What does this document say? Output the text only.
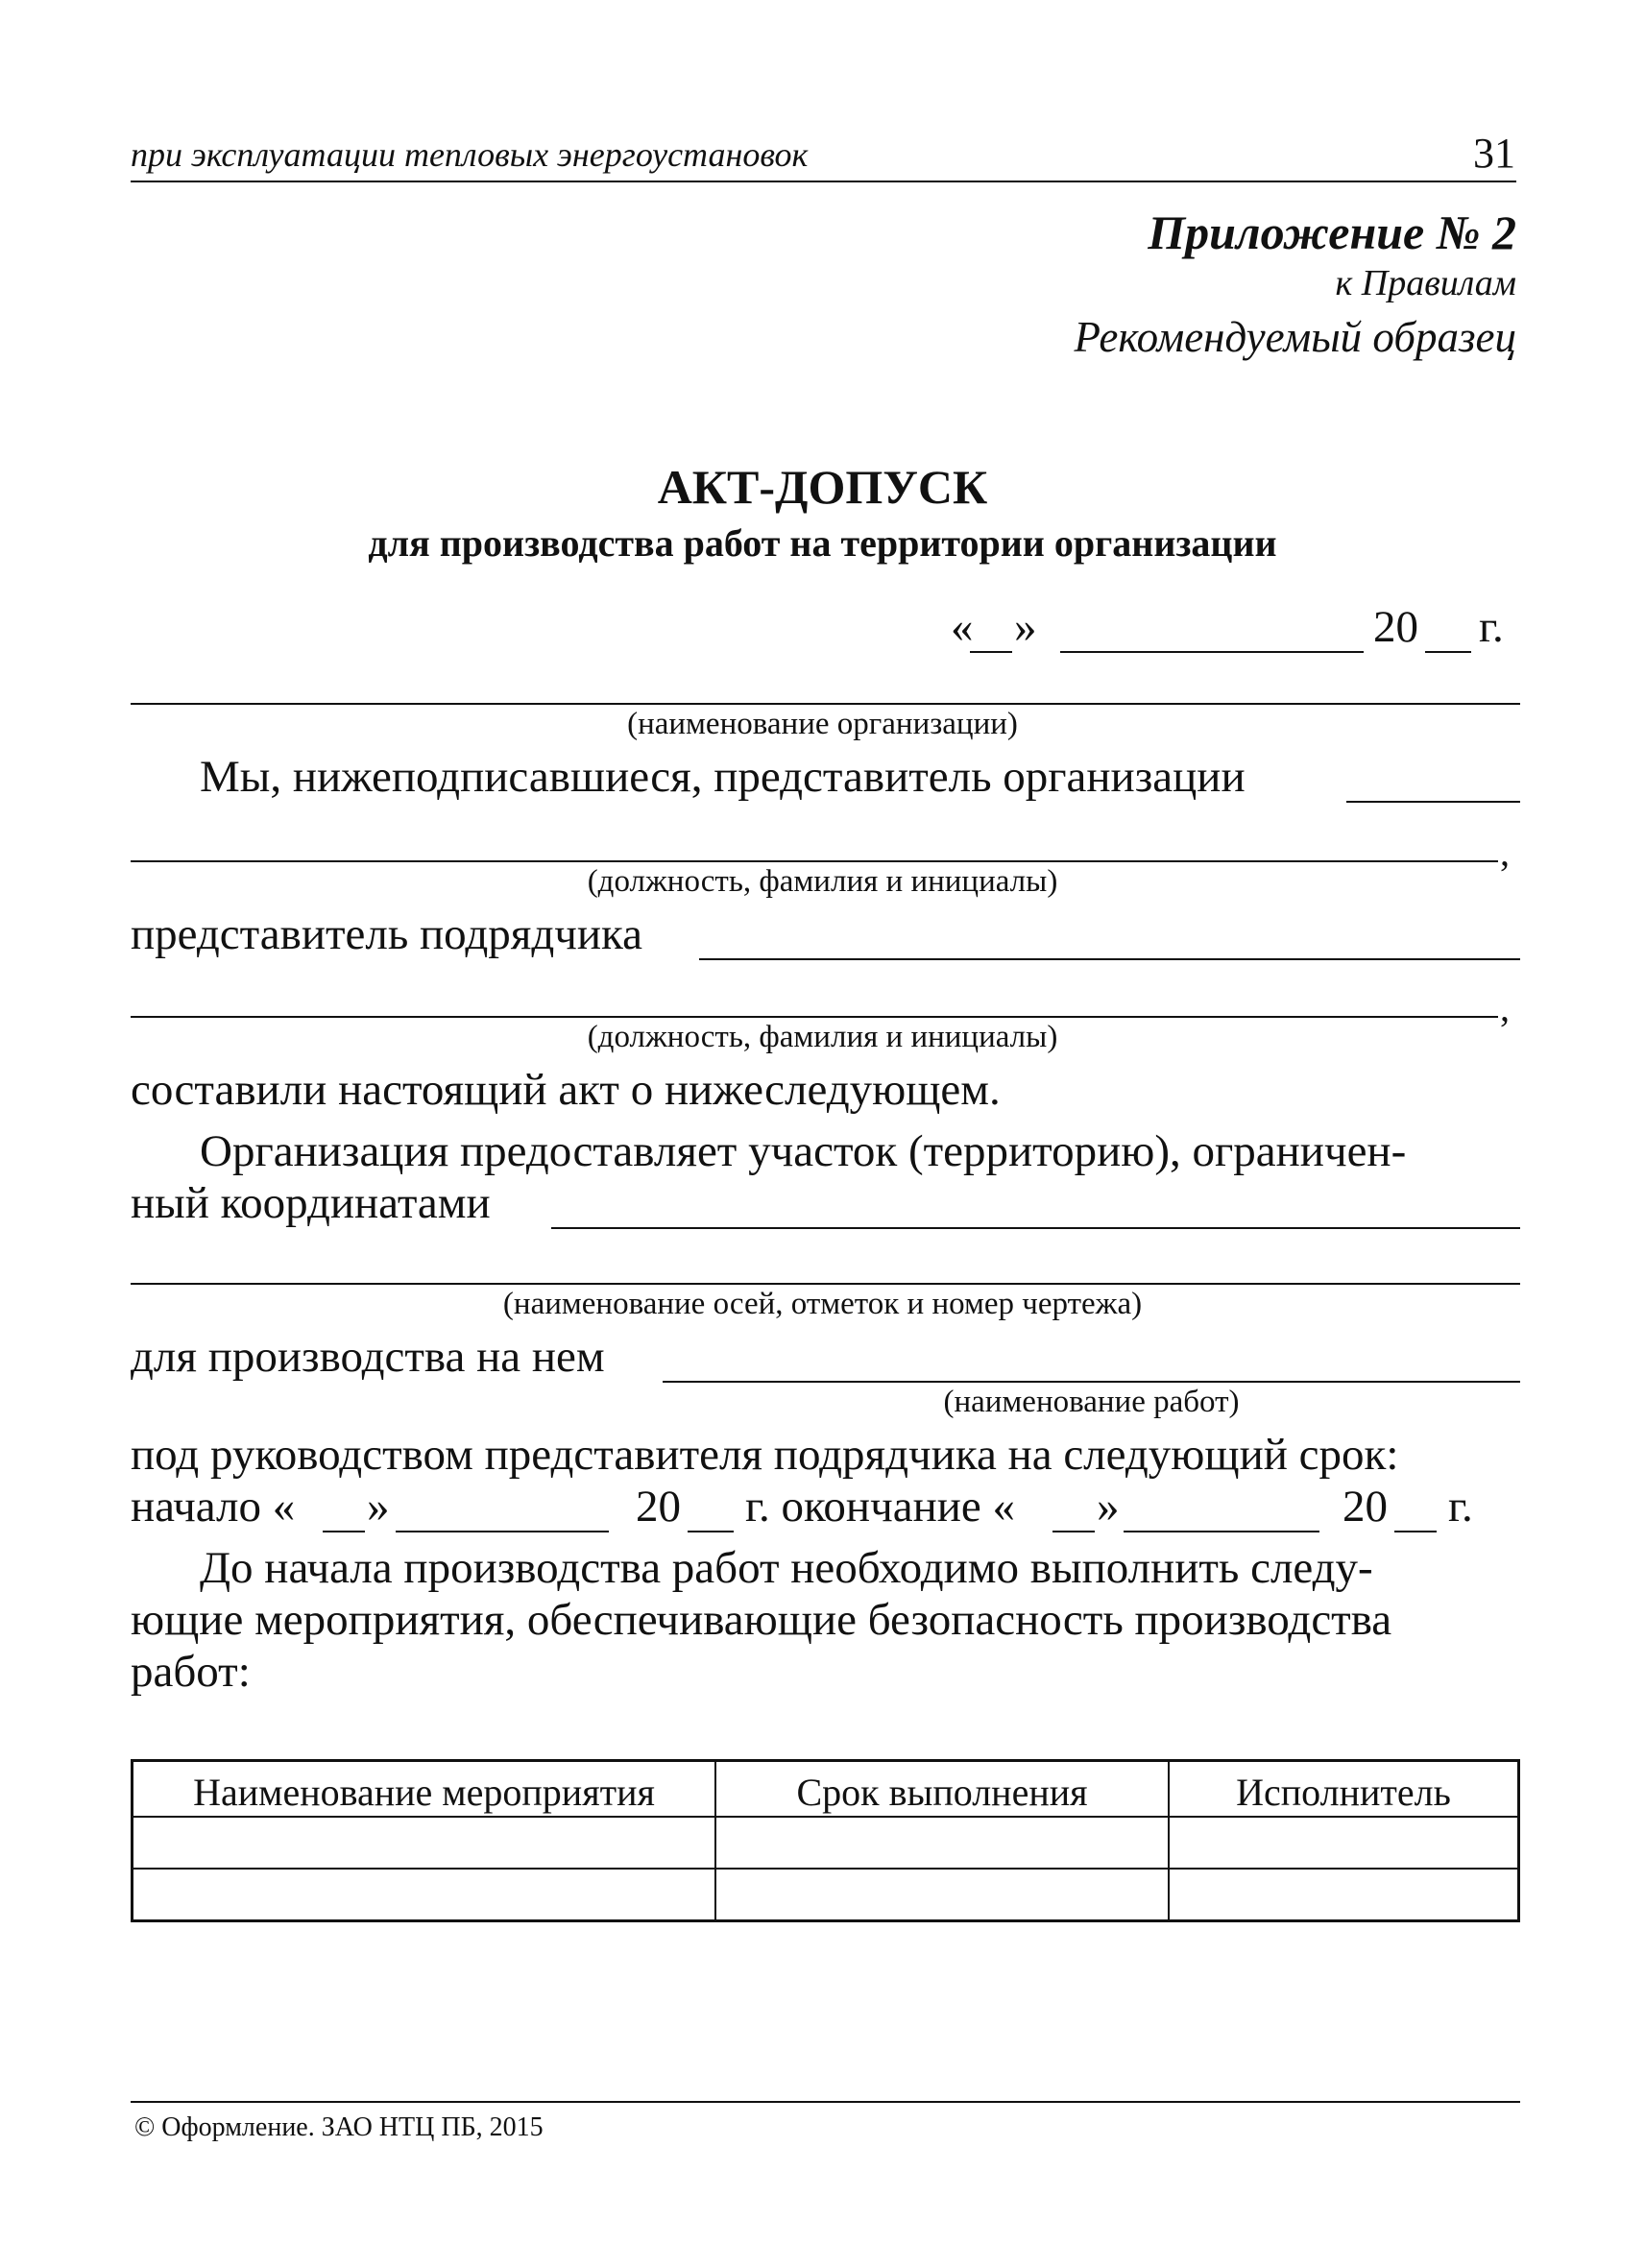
при эксплуатации тепловых энергоустановок	31
Приложение № 2
к Правилам
Рекомендуемый образец
АКТ-ДОПУСК
для производства работ на территории организации
« »	20 г.
(наименование организации)
Мы, нижеподписавшиеся, представитель организации
,
(должность, фамилия и инициалы)
представитель подрядчика
,
(должность, фамилия и инициалы)
составили настоящий акт о нижеследующем.
Организация предоставляет участок (территорию), ограничен-
ный координатами
(наименование осей, отметок и номер чертежа)
для производства на нем
(наименование работ)
под руководством представителя подрядчика на следующий срок:
начало « »	20 г. окончание « »	20 г.
До начала производства работ необходимо выполнить следу-
ющие мероприятия, обеспечивающие безопасность производства
работ:
Наименование мероприятия	Срок выполнения	Исполнитель
© Оформление. ЗАО НТЦ ПБ, 2015
